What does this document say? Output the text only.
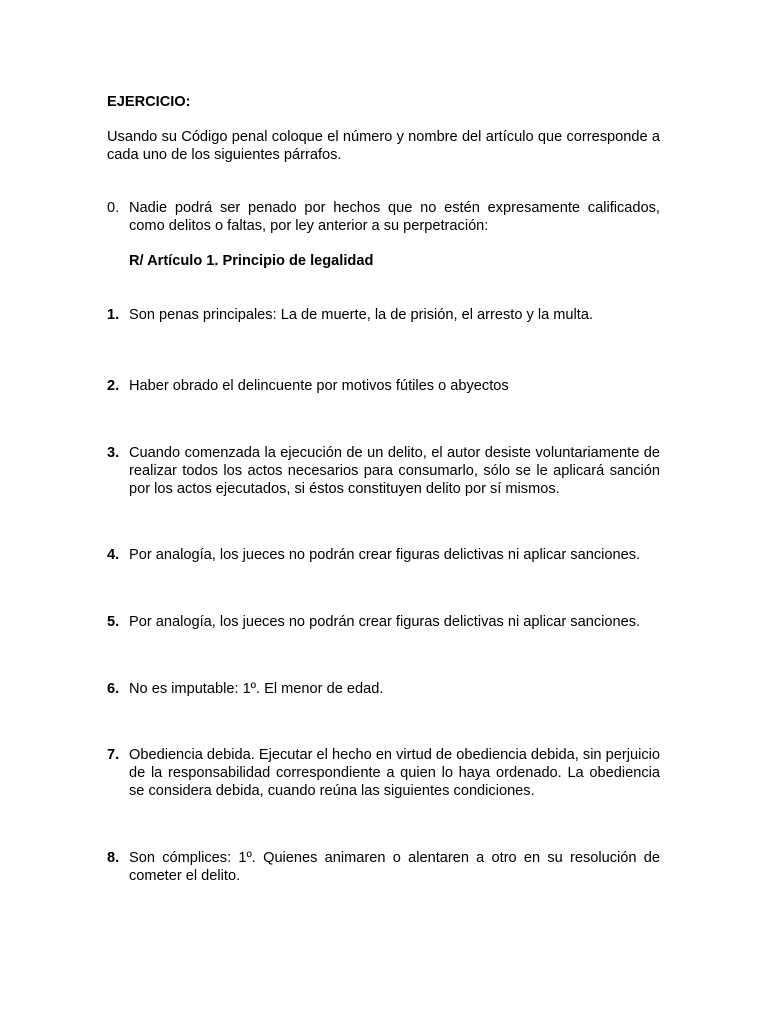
EJERCICIO:
Usando su Código penal coloque el número y nombre del artículo que corresponde a cada uno de los siguientes párrafos.
0. Nadie podrá ser penado por hechos que no estén expresamente calificados, como delitos o faltas, por ley anterior a su perpetración:
R/ Artículo 1. Principio de legalidad
1. Son penas principales: La de muerte, la de prisión, el arresto y la multa.
2. Haber obrado el delincuente por motivos fútiles o abyectos
3. Cuando comenzada la ejecución de un delito, el autor desiste voluntariamente de realizar todos los actos necesarios para consumarlo, sólo se le aplicará sanción por los actos ejecutados, si éstos constituyen delito por sí mismos.
4. Por analogía, los jueces no podrán crear figuras delictivas ni aplicar sanciones.
5. Por analogía, los jueces no podrán crear figuras delictivas ni aplicar sanciones.
6. No es imputable: 1º. El menor de edad.
7. Obediencia debida. Ejecutar el hecho en virtud de obediencia debida, sin perjuicio de la responsabilidad correspondiente a quien lo haya ordenado. La obediencia se considera debida, cuando reúna las siguientes condiciones.
8. Son cómplices: 1º. Quienes animaren o alentaren a otro en su resolución de cometer el delito.
